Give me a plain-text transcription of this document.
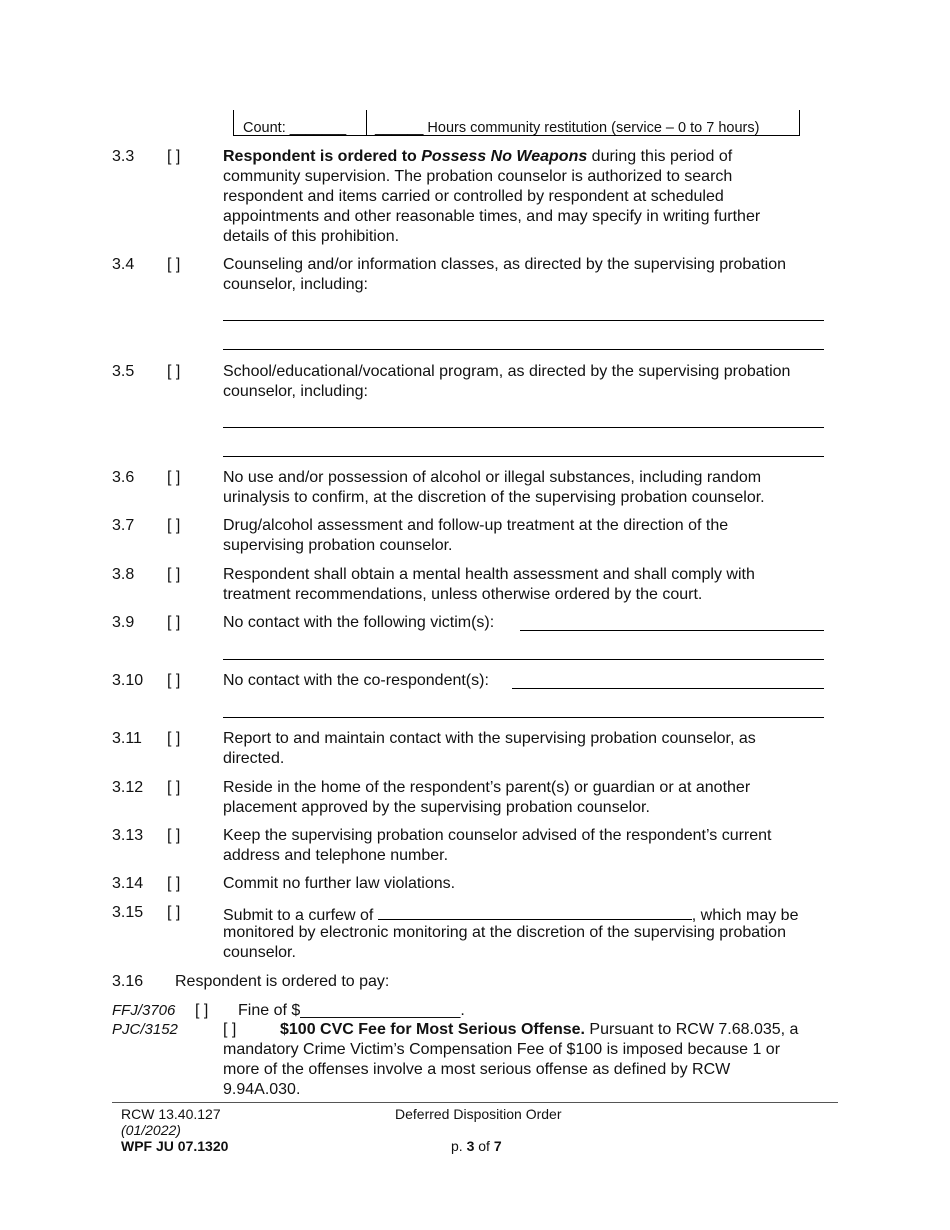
Count: _______ ______ Hours community restitution (service – 0 to 7 hours)
3.3 [ ]	Respondent is ordered to Possess No Weapons during this period of community supervision. The probation counselor is authorized to search respondent and items carried or controlled by respondent at scheduled appointments and other reasonable times, and may specify in writing further details of this prohibition.
3.4 [ ]	Counseling and/or information classes, as directed by the supervising probation counselor, including:
3.5 [ ]	School/educational/vocational program, as directed by the supervising probation counselor, including:
3.6 [ ]	No use and/or possession of alcohol or illegal substances, including random urinalysis to confirm, at the discretion of the supervising probation counselor.
3.7 [ ]	Drug/alcohol assessment and follow-up treatment at the direction of the supervising probation counselor.
3.8 [ ]	Respondent shall obtain a mental health assessment and shall comply with treatment recommendations, unless otherwise ordered by the court.
3.9 [ ]	No contact with the following victim(s):
3.10 [ ]	No contact with the co-respondent(s):
3.11 [ ]	Report to and maintain contact with the supervising probation counselor, as directed.
3.12 [ ]	Reside in the home of the respondent’s parent(s) or guardian or at another placement approved by the supervising probation counselor.
3.13 [ ]	Keep the supervising probation counselor advised of the respondent’s current address and telephone number.
3.14 [ ]	Commit no further law violations.
3.15 [ ]	Submit to a curfew of	, which may be
monitored by electronic monitoring at the discretion of the supervising probation counselor.
3.16 Respondent is ordered to pay:
FFJ/3706 [ ] Fine of $__________________.
PJC/3152	[ ]	$100 CVC Fee for Most Serious Offense. Pursuant to RCW 7.68.035, a
mandatory Crime Victim’s Compensation Fee of $100 is imposed because 1 or more of the offenses involve a most serious offense as defined by RCW 9.94A.030.
RCW 13.40.127
(01/2022)
WPF JU 07.1320
Deferred Disposition Order
p. 3 of 7
